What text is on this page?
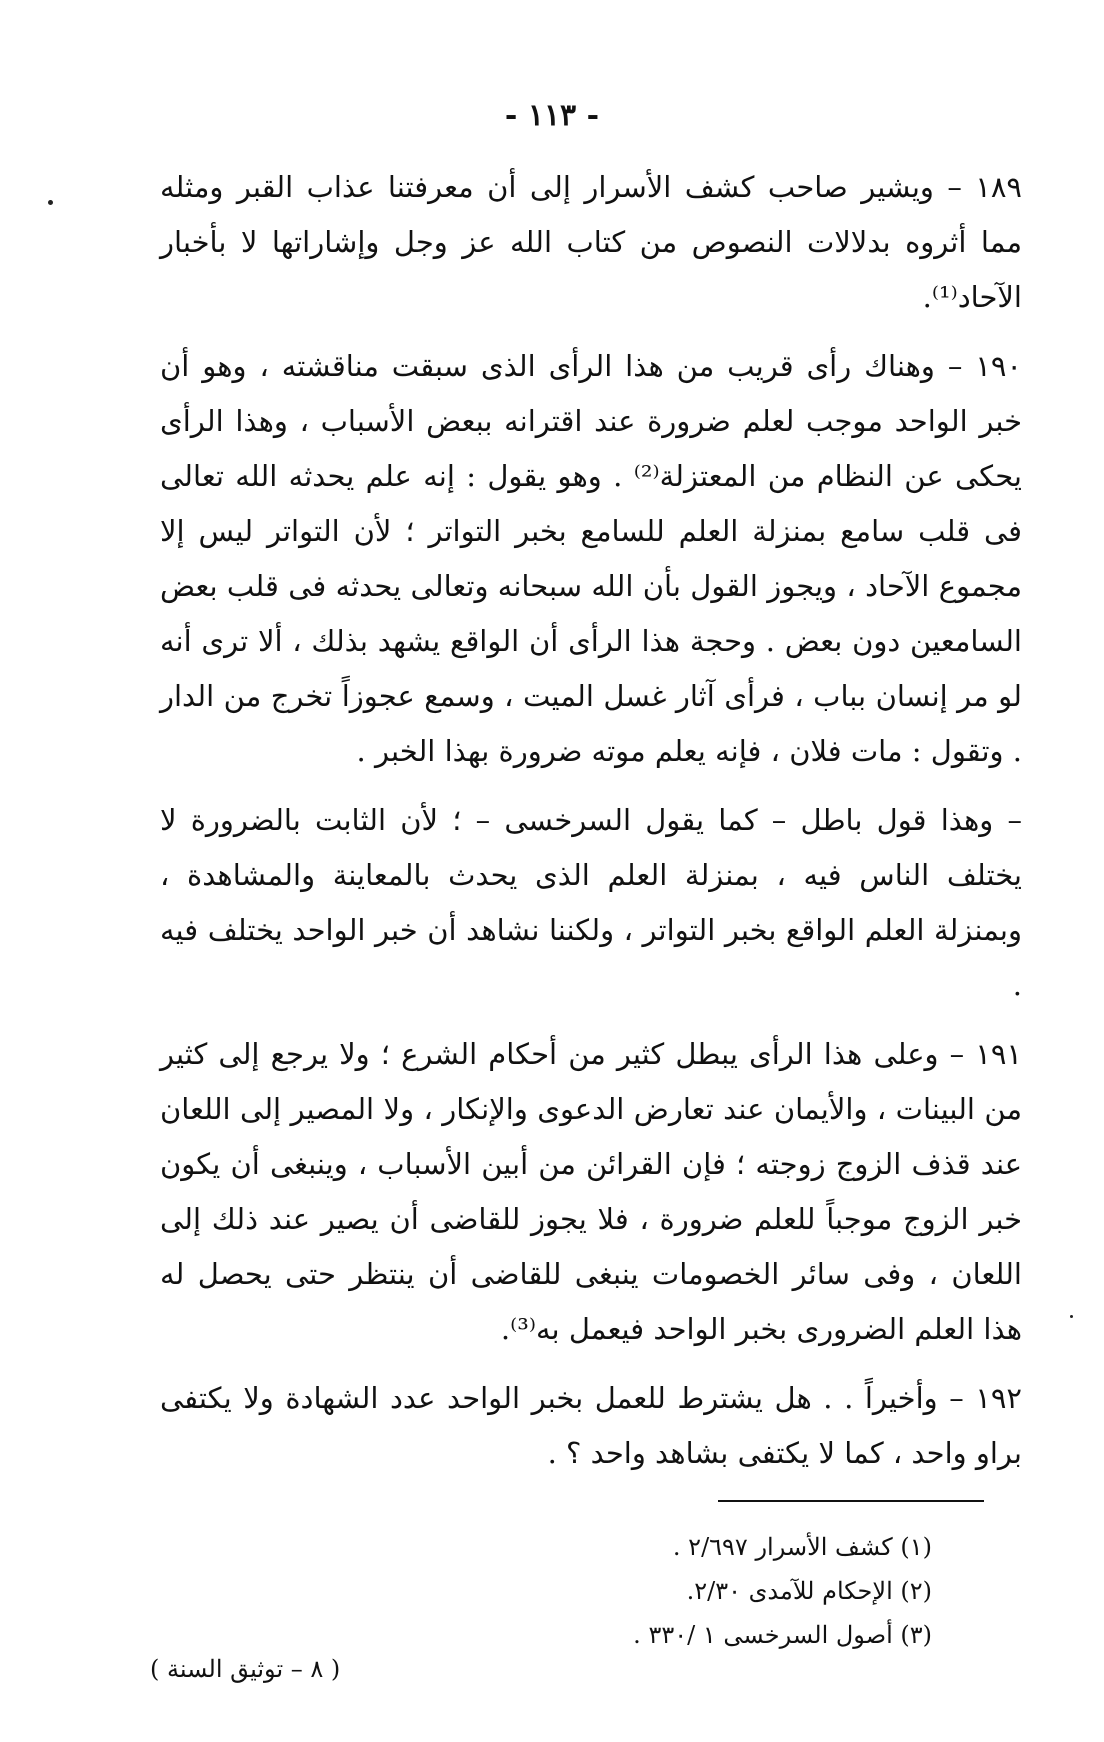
- ١١٣ -

١٨٩ – ويشير صاحب كشف الأسرار إلى أن معرفتنا عذاب القبر ومثله مما أثروه بدلالات النصوص من كتاب الله عز وجل وإشاراتها لا بأخبار الآحاد⁽¹⁾.

١٩٠ – وهناك رأى قريب من هذا الرأى الذى سبقت مناقشته ، وهو أن خبر الواحد موجب لعلم ضرورة عند اقترانه ببعض الأسباب ، وهذا الرأى يحكى عن النظام من المعتزلة⁽²⁾ . وهو يقول : إنه علم يحدثه الله تعالى فى قلب سامع بمنزلة العلم للسامع بخبر التواتر ؛ لأن التواتر ليس إلا مجموع الآحاد ، ويجوز القول بأن الله سبحانه وتعالى يحدثه فى قلب بعض السامعين دون بعض . وحجة هذا الرأى أن الواقع يشهد بذلك ، ألا ترى أنه لو مر إنسان بباب ، فرأى آثار غسل الميت ، وسمع عجوزاً تخرج من الدار . وتقول : مات فلان ، فإنه يعلم موته ضرورة بهذا الخبر .

– وهذا قول باطل – كما يقول السرخسى – ؛ لأن الثابت بالضرورة لا يختلف الناس فيه ، بمنزلة العلم الذى يحدث بالمعاينة والمشاهدة ، وبمنزلة العلم الواقع بخبر التواتر ، ولكننا نشاهد أن خبر الواحد يختلف فيه .

١٩١ – وعلى هذا الرأى يبطل كثير من أحكام الشرع ؛ ولا يرجع إلى كثير من البينات ، والأيمان عند تعارض الدعوى والإنكار ، ولا المصير إلى اللعان عند قذف الزوج زوجته ؛ فإن القرائن من أبين الأسباب ، وينبغى أن يكون خبر الزوج موجباً للعلم ضرورة ، فلا يجوز للقاضى أن يصير عند ذلك إلى اللعان ، وفى سائر الخصومات ينبغى للقاضى أن ينتظر حتى يحصل له هذا العلم الضرورى بخبر الواحد فيعمل به⁽³⁾.

١٩٢ – وأخيراً . . هل يشترط للعمل بخبر الواحد عدد الشهادة ولا يكتفى براو واحد ، كما لا يكتفى بشاهد واحد ؟ .

(١) كشف الأسرار ٢/٦٩٧ .

(٢) الإحكام للآمدى ٢/٣٠.

(٣) أصول السرخسى ١ /٣٣٠ .

( ٨ – توثيق السنة )
